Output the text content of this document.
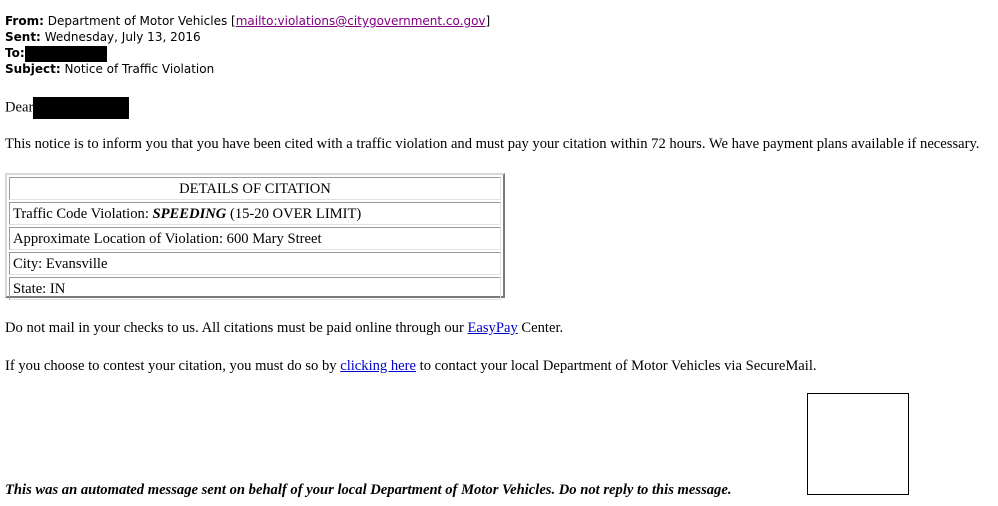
From: Department of Motor Vehicles [mailto:violations@citygovernment.co.gov]
Sent: Wednesday, July 13, 2016
To:
Subject: Notice of Traffic Violation
Dear
This notice is to inform you that you have been cited with a traffic violation and must pay your citation within 72 hours. We have payment plans available if necessary.
DETAILS OF CITATION
Traffic Code Violation: SPEEDING (15-20 OVER LIMIT)
Approximate Location of Violation: 600 Mary Street
City: Evansville
State: IN
Do not mail in your checks to us. All citations must be paid online through our EasyPay Center.
If you choose to contest your citation, you must do so by clicking here to contact your local Department of Motor Vehicles via SecureMail.
This was an automated message sent on behalf of your local Department of Motor Vehicles. Do not reply to this message.
